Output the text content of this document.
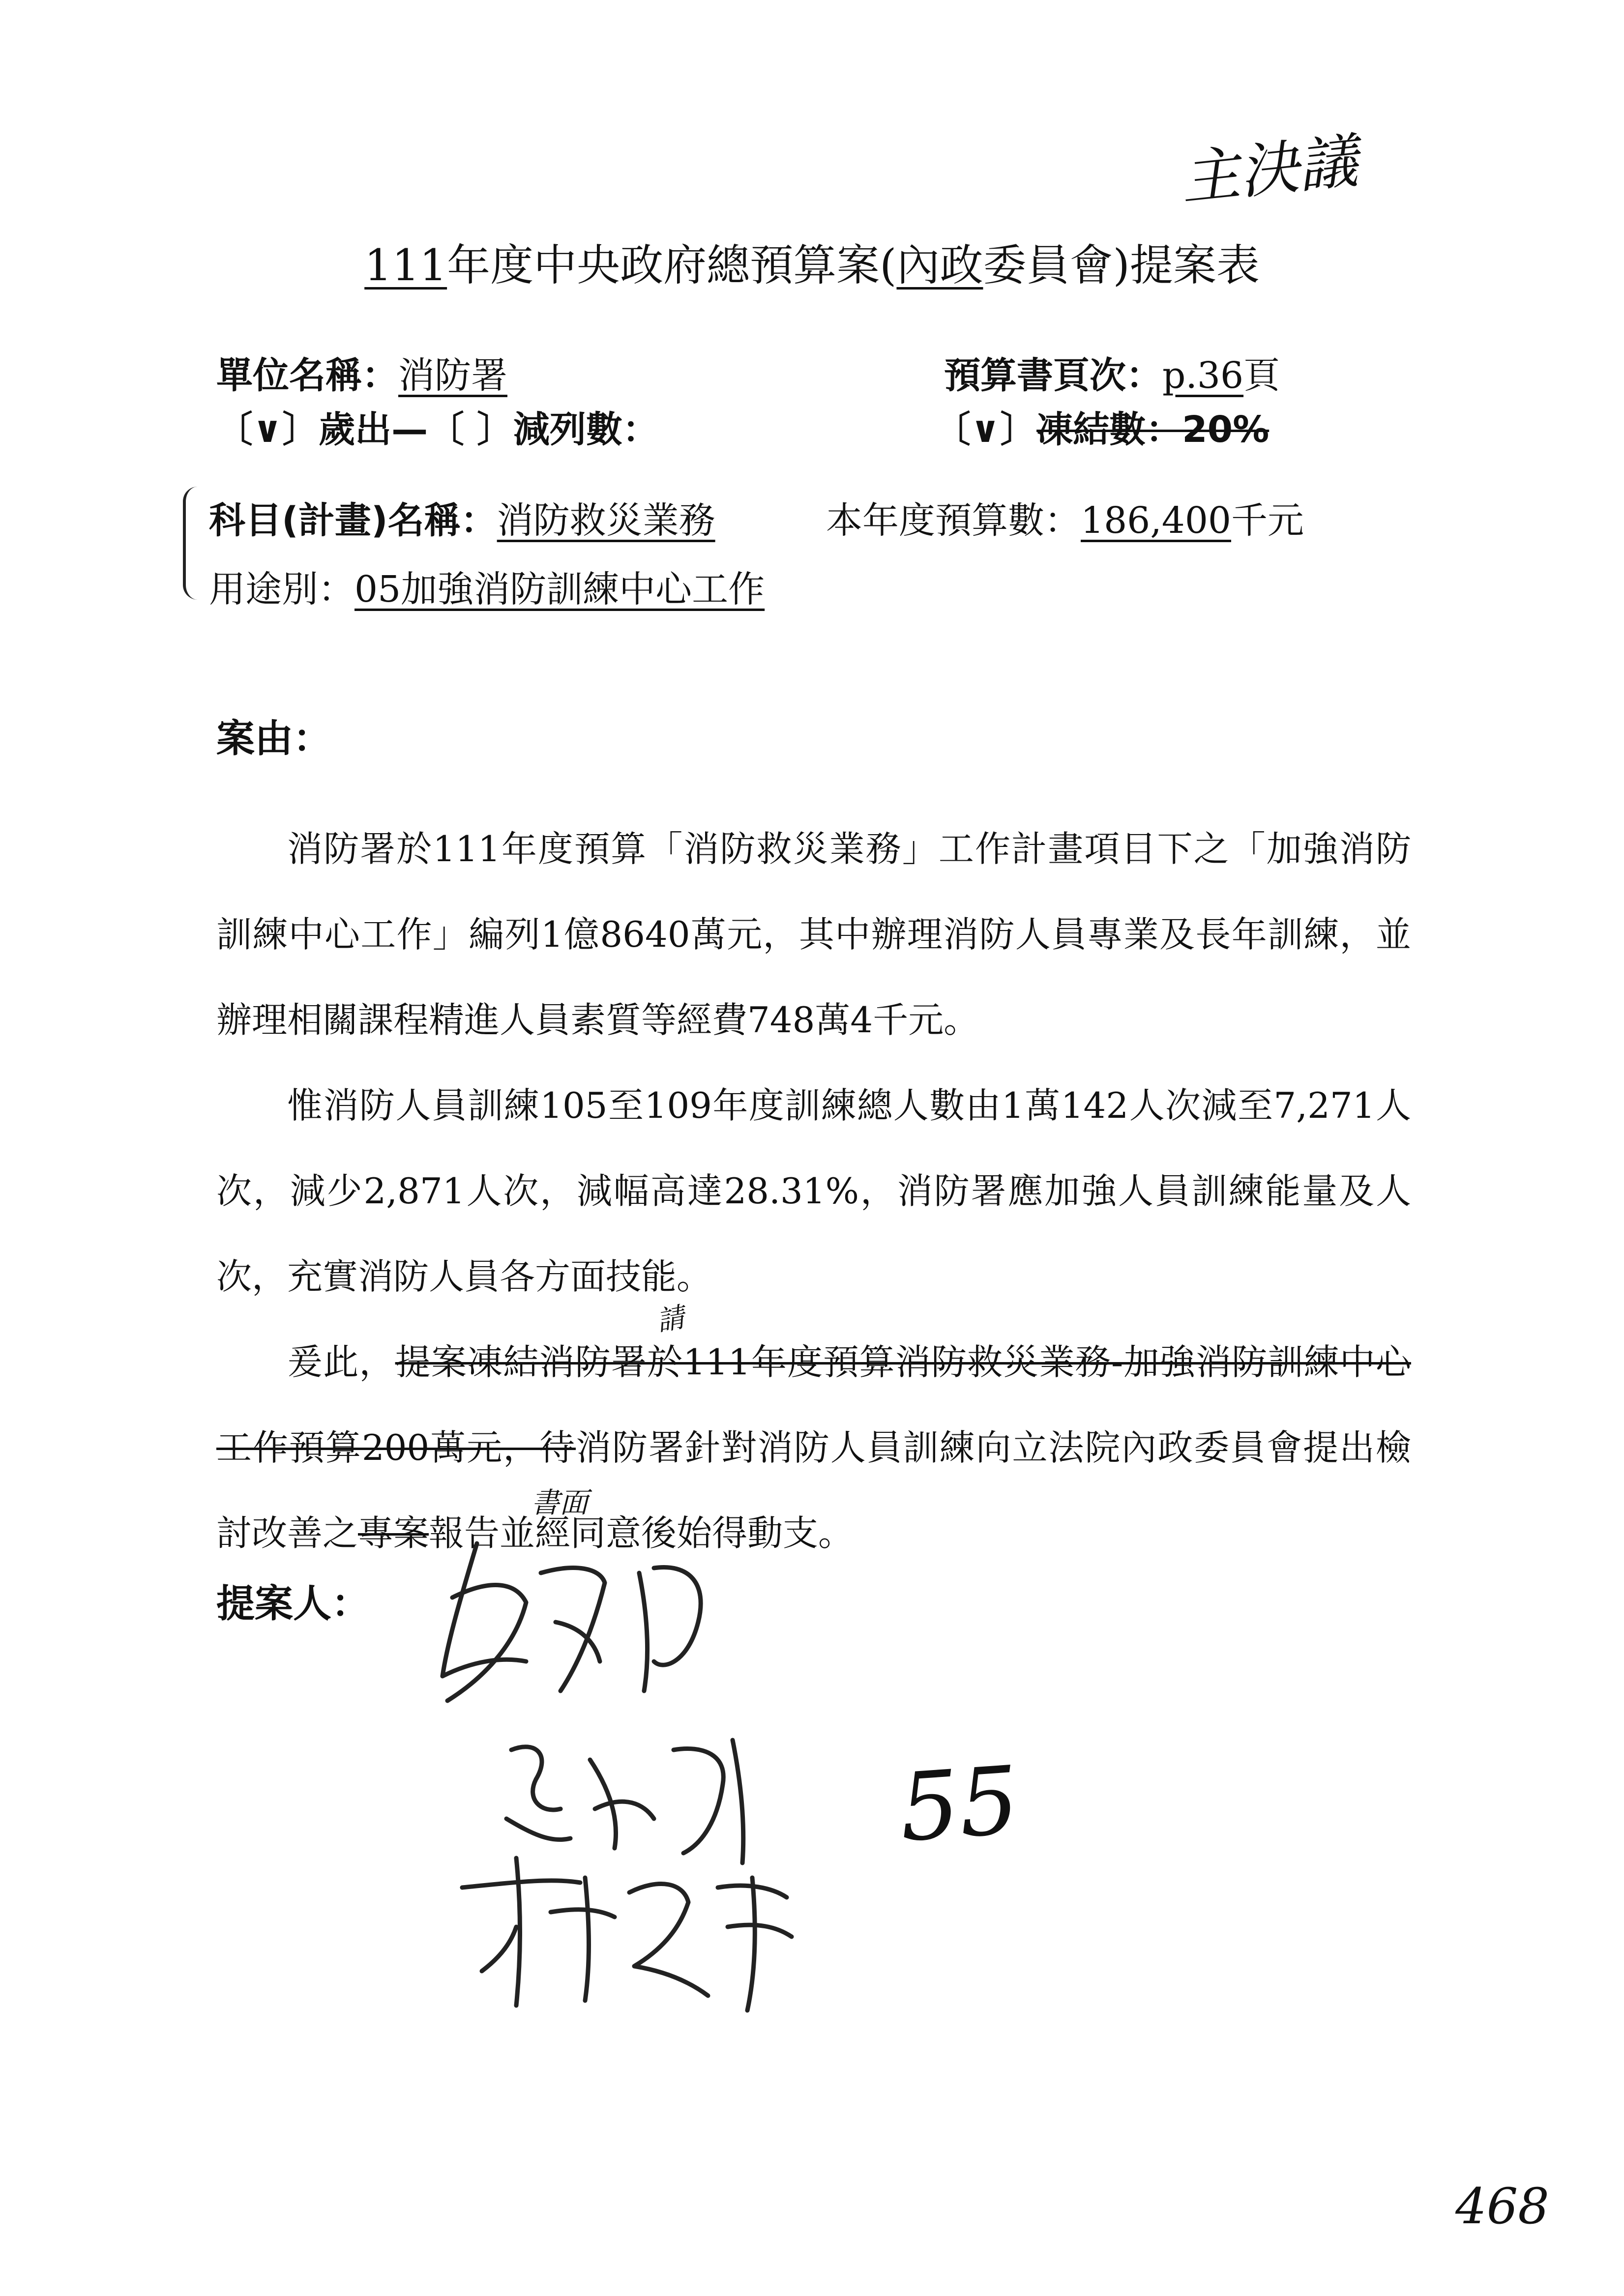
主決議
111年度中央政府總預算案(內政委員會)提案表
單位名稱：消防署	預算書頁次：p.36頁
〔∨〕歲出—〔 〕減列數：	〔∨〕凍結數：20%
科目(計畫)名稱：消防救災業務	本年度預算數：186,400千元
用途別：05加強消防訓練中心工作
案由：

消防署於111年度預算「消防救災業務」工作計畫項目下之「加強消防訓練中心工作」編列1億8640萬元，其中辦理消防人員專業及長年訓練，並辦理相關課程精進人員素質等經費748萬4千元。

惟消防人員訓練105至109年度訓練總人數由1萬142人次減至7,271人次，減少2,871人次，減幅高達28.31%，消防署應加強人員訓練能量及人次，充實消防人員各方面技能。

爰此，提案凍結消防署於111年度預算消防救災業務-加強消防訓練中心工作預算200萬元，待消防署針對消防人員訓練向立法院內政委員會提出檢討改善之專案報告並經同意後始得動支。

請
書面
提案人：
55
468
